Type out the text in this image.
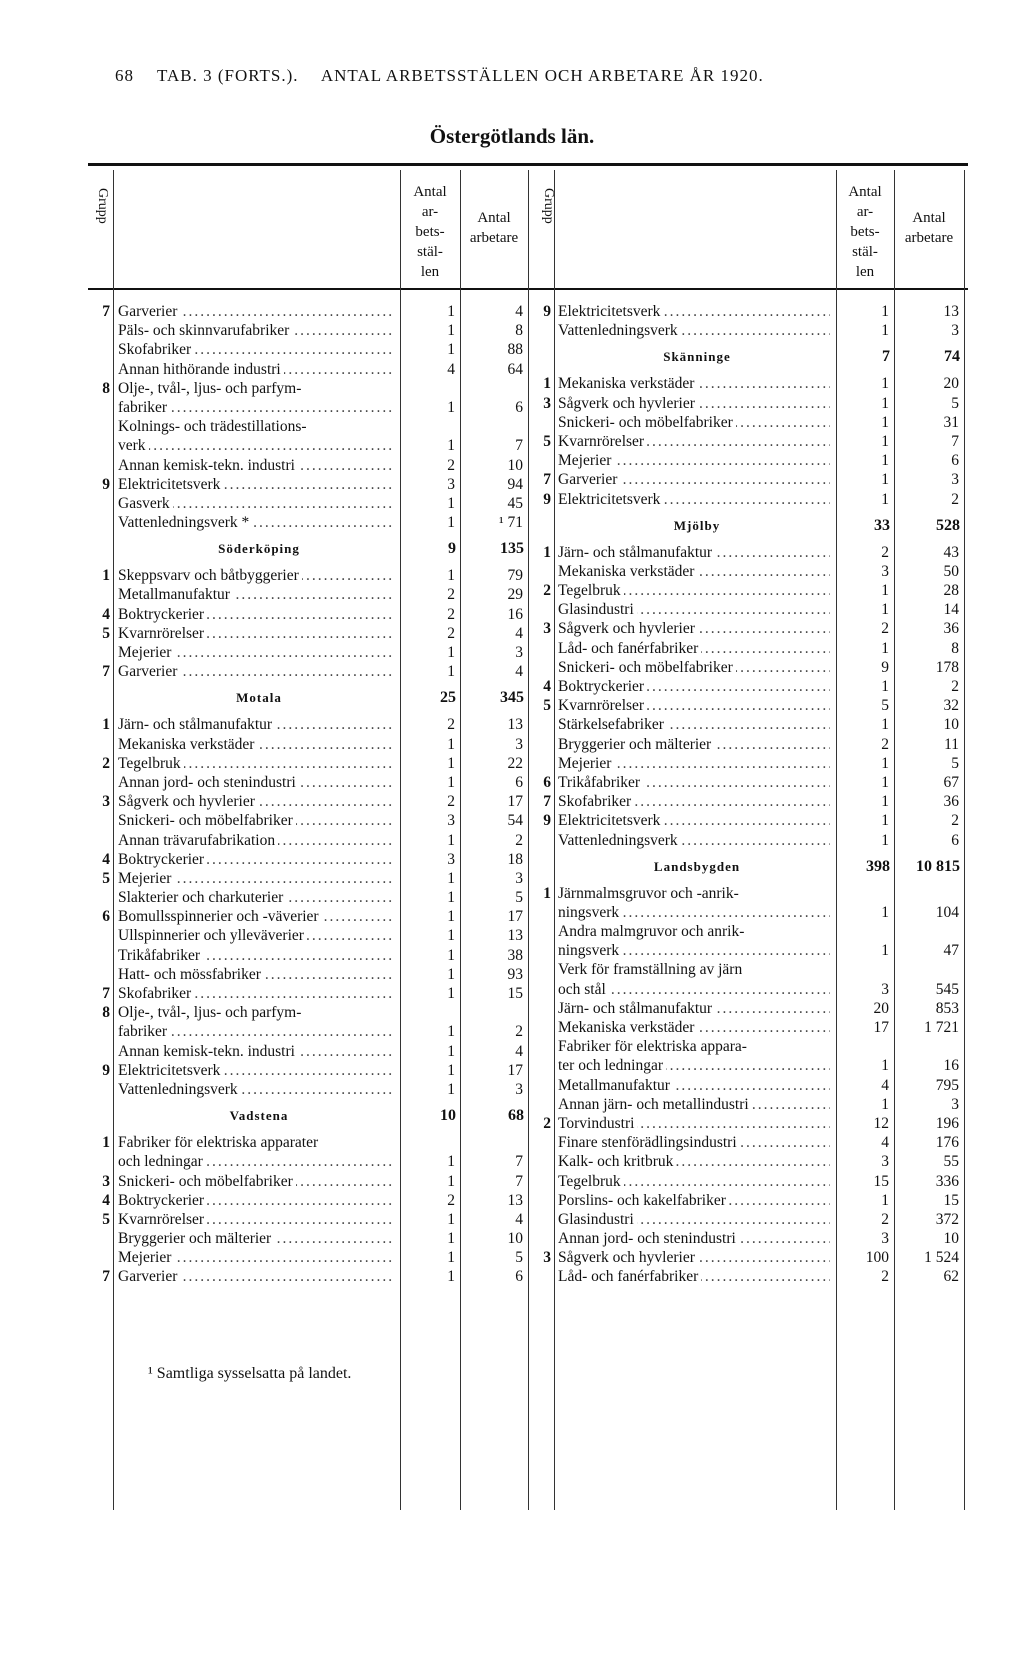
68 TAB. 3 (FORTS.). ANTAL ARBETSSTÄLLEN OCH ARBETARE ÅR 1920.
Östergötlands län.
Grupp	Antal
ar-
bets-
stäl-
len
Antal arbetare
7 Garverier .....	1	4
Päls- och skinnvarufabriker .....	1	8
Skofabriker .....	1	88
Annan hithörande industri .....	4	64
8 Olje-, tvål-, ljus- och parfym-
fabriker .....	1	6
Kolnings- och trädestillations-
verk .....	1	7
Annan kemisk-tekn. industri .....	2	10
9 Elektricitetsverk .....	3	94
Gasverk .....	1	45
Vattenledningsverk * .....	1	¹ 71
Söderköping	9	135
1 Skeppsvarv och båtbyggerier .....	1	79
Metallmanufaktur .....	2	29
4 Boktryckerier .....	2	16
5 Kvarnrörelser .....	2	4
Mejerier .....	1	3
7 Garverier .....	1	4
Motala	25	345
1 Järn- och stålmanufaktur .....	2	13
Mekaniska verkstäder .....	1	3
2 Tegelbruk .....	1	22
Annan jord- och stenindustri .....	1	6
3 Sågverk och hyvlerier .....	2	17
Snickeri- och möbelfabriker .....	3	54
Annan trävarufabrikation .....	1	2
4 Boktryckerier .....	3	18
5 Mejerier .....	1	3
Slakterier och charkuterier .....	1	5
6 Bomullsspinnerier och -väverier .....	1	17
Ullspinnerier och ylleväverier .....	1	13
Trikåfabriker .....	1	38
Hatt- och mössfabriker .....	1	93
7 Skofabriker .....	1	15
8 Olje-, tvål-, ljus- och parfym-
fabriker .....	1	2
Annan kemisk-tekn. industri .....	1	4
9 Elektricitetsverk .....	1	17
Vattenledningsverk .....	1	3
Vadstena	10	68
1 Fabriker för elektriska apparater
och ledningar .....	1	7
3 Snickeri- och möbelfabriker .....	1	7
4 Boktryckerier .....	2	13
5 Kvarnrörelser .....	1	4
Bryggerier och mälterier .....	1	10
Mejerier .....	1	5
7 Garverier .....	1	6
Grupp	Antal
ar-
bets-
stäl-
len
Antal arbetare
9 Elektricitetsverk .....	1	13
Vattenledningsverk .....	1	3
Skänninge	7	74
1 Mekaniska verkstäder .....	1	20
3 Sågverk och hyvlerier .....	1	5
Snickeri- och möbelfabriker .....	1	31
5 Kvarnrörelser .....	1	7
Mejerier .....	1	6
7 Garverier .....	1	3
9 Elektricitetsverk .....	1	2
Mjölby	33	528
1 Järn- och stålmanufaktur .....	2	43
Mekaniska verkstäder .....	3	50
2 Tegelbruk .....	1	28
Glasindustri .....	1	14
3 Sågverk och hyvlerier .....	2	36
Låd- och fanérfabriker .....	1	8
Snickeri- och möbelfabriker .....	9	178
4 Boktryckerier .....	1	2
5 Kvarnrörelser .....	5	32
Stärkelsefabriker .....	1	10
Bryggerier och mälterier .....	2	11
Mejerier .....	1	5
6 Trikåfabriker .....	1	67
7 Skofabriker .....	1	36
9 Elektricitetsverk .....	1	2
Vattenledningsverk .....	1	6
Landsbygden	398	10 815
1 Järnmalmsgruvor och -anrik-
ningsverk .....	1	104
Andra malmgruvor och anrik-
ningsverk .....	1	47
Verk för framställning av järn
och stål .....	3	545
Järn- och stålmanufaktur .....	20	853
Mekaniska verkstäder .....	17	1 721
Fabriker för elektriska appara-
ter och ledningar .....	1	16
Metallmanufaktur .....	4	795
Annan järn- och metallindustri .....	1	3
2 Torvindustri .....	12	196
Finare stenförädlingsindustri .....	4	176
Kalk- och kritbruk .....	3	55
Tegelbruk .....	15	336
Porslins- och kakelfabriker .....	1	15
Glasindustri .....	2	372
Annan jord- och stenindustri .....	3	10
3 Sågverk och hyvlerier .....	100	1 524
Låd- och fanérfabriker .....	2	62
¹ Samtliga sysselsatta på landet.
